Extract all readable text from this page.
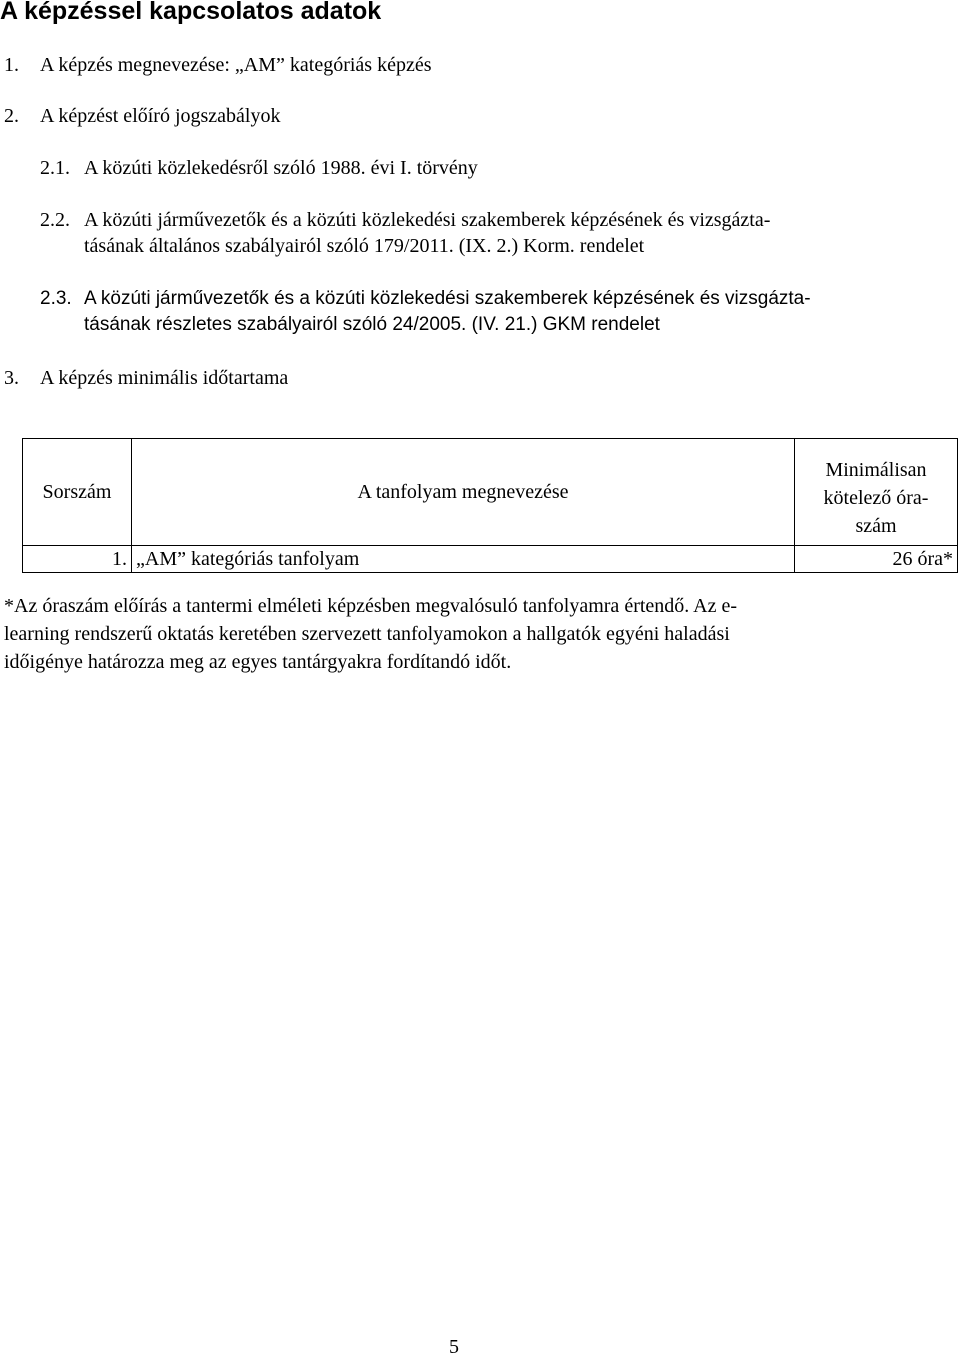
A képzéssel kapcsolatos adatok
1.	A képzés megnevezése: „AM” kategóriás képzés
2.	A képzést előíró jogszabályok
2.1. A közúti közlekedésről szóló 1988. évi I. törvény
2.2. A közúti járművezetők és a közúti közlekedési szakemberek képzésének és vizsgázta-
tásának általános szabályairól szóló 179/2011. (IX. 2.) Korm. rendelet
2.3. A közúti járművezetők és a közúti közlekedési szakemberek képzésének és vizsgázta-
tásának részletes szabályairól szóló 24/2005. (IV. 21.) GKM rendelet
3.	A képzés minimális időtartama
Sorszám	A tanfolyam megnevezése	Minimálisan
kötelező óra-
szám
1.	„AM” kategóriás tanfolyam	26 óra*
*Az óraszám előírás a tantermi elméleti képzésben megvalósuló tanfolyamra értendő. Az e-
learning rendszerű oktatás keretében szervezett tanfolyamokon a hallgatók egyéni haladási
időigénye határozza meg az egyes tantárgyakra fordítandó időt.
5
